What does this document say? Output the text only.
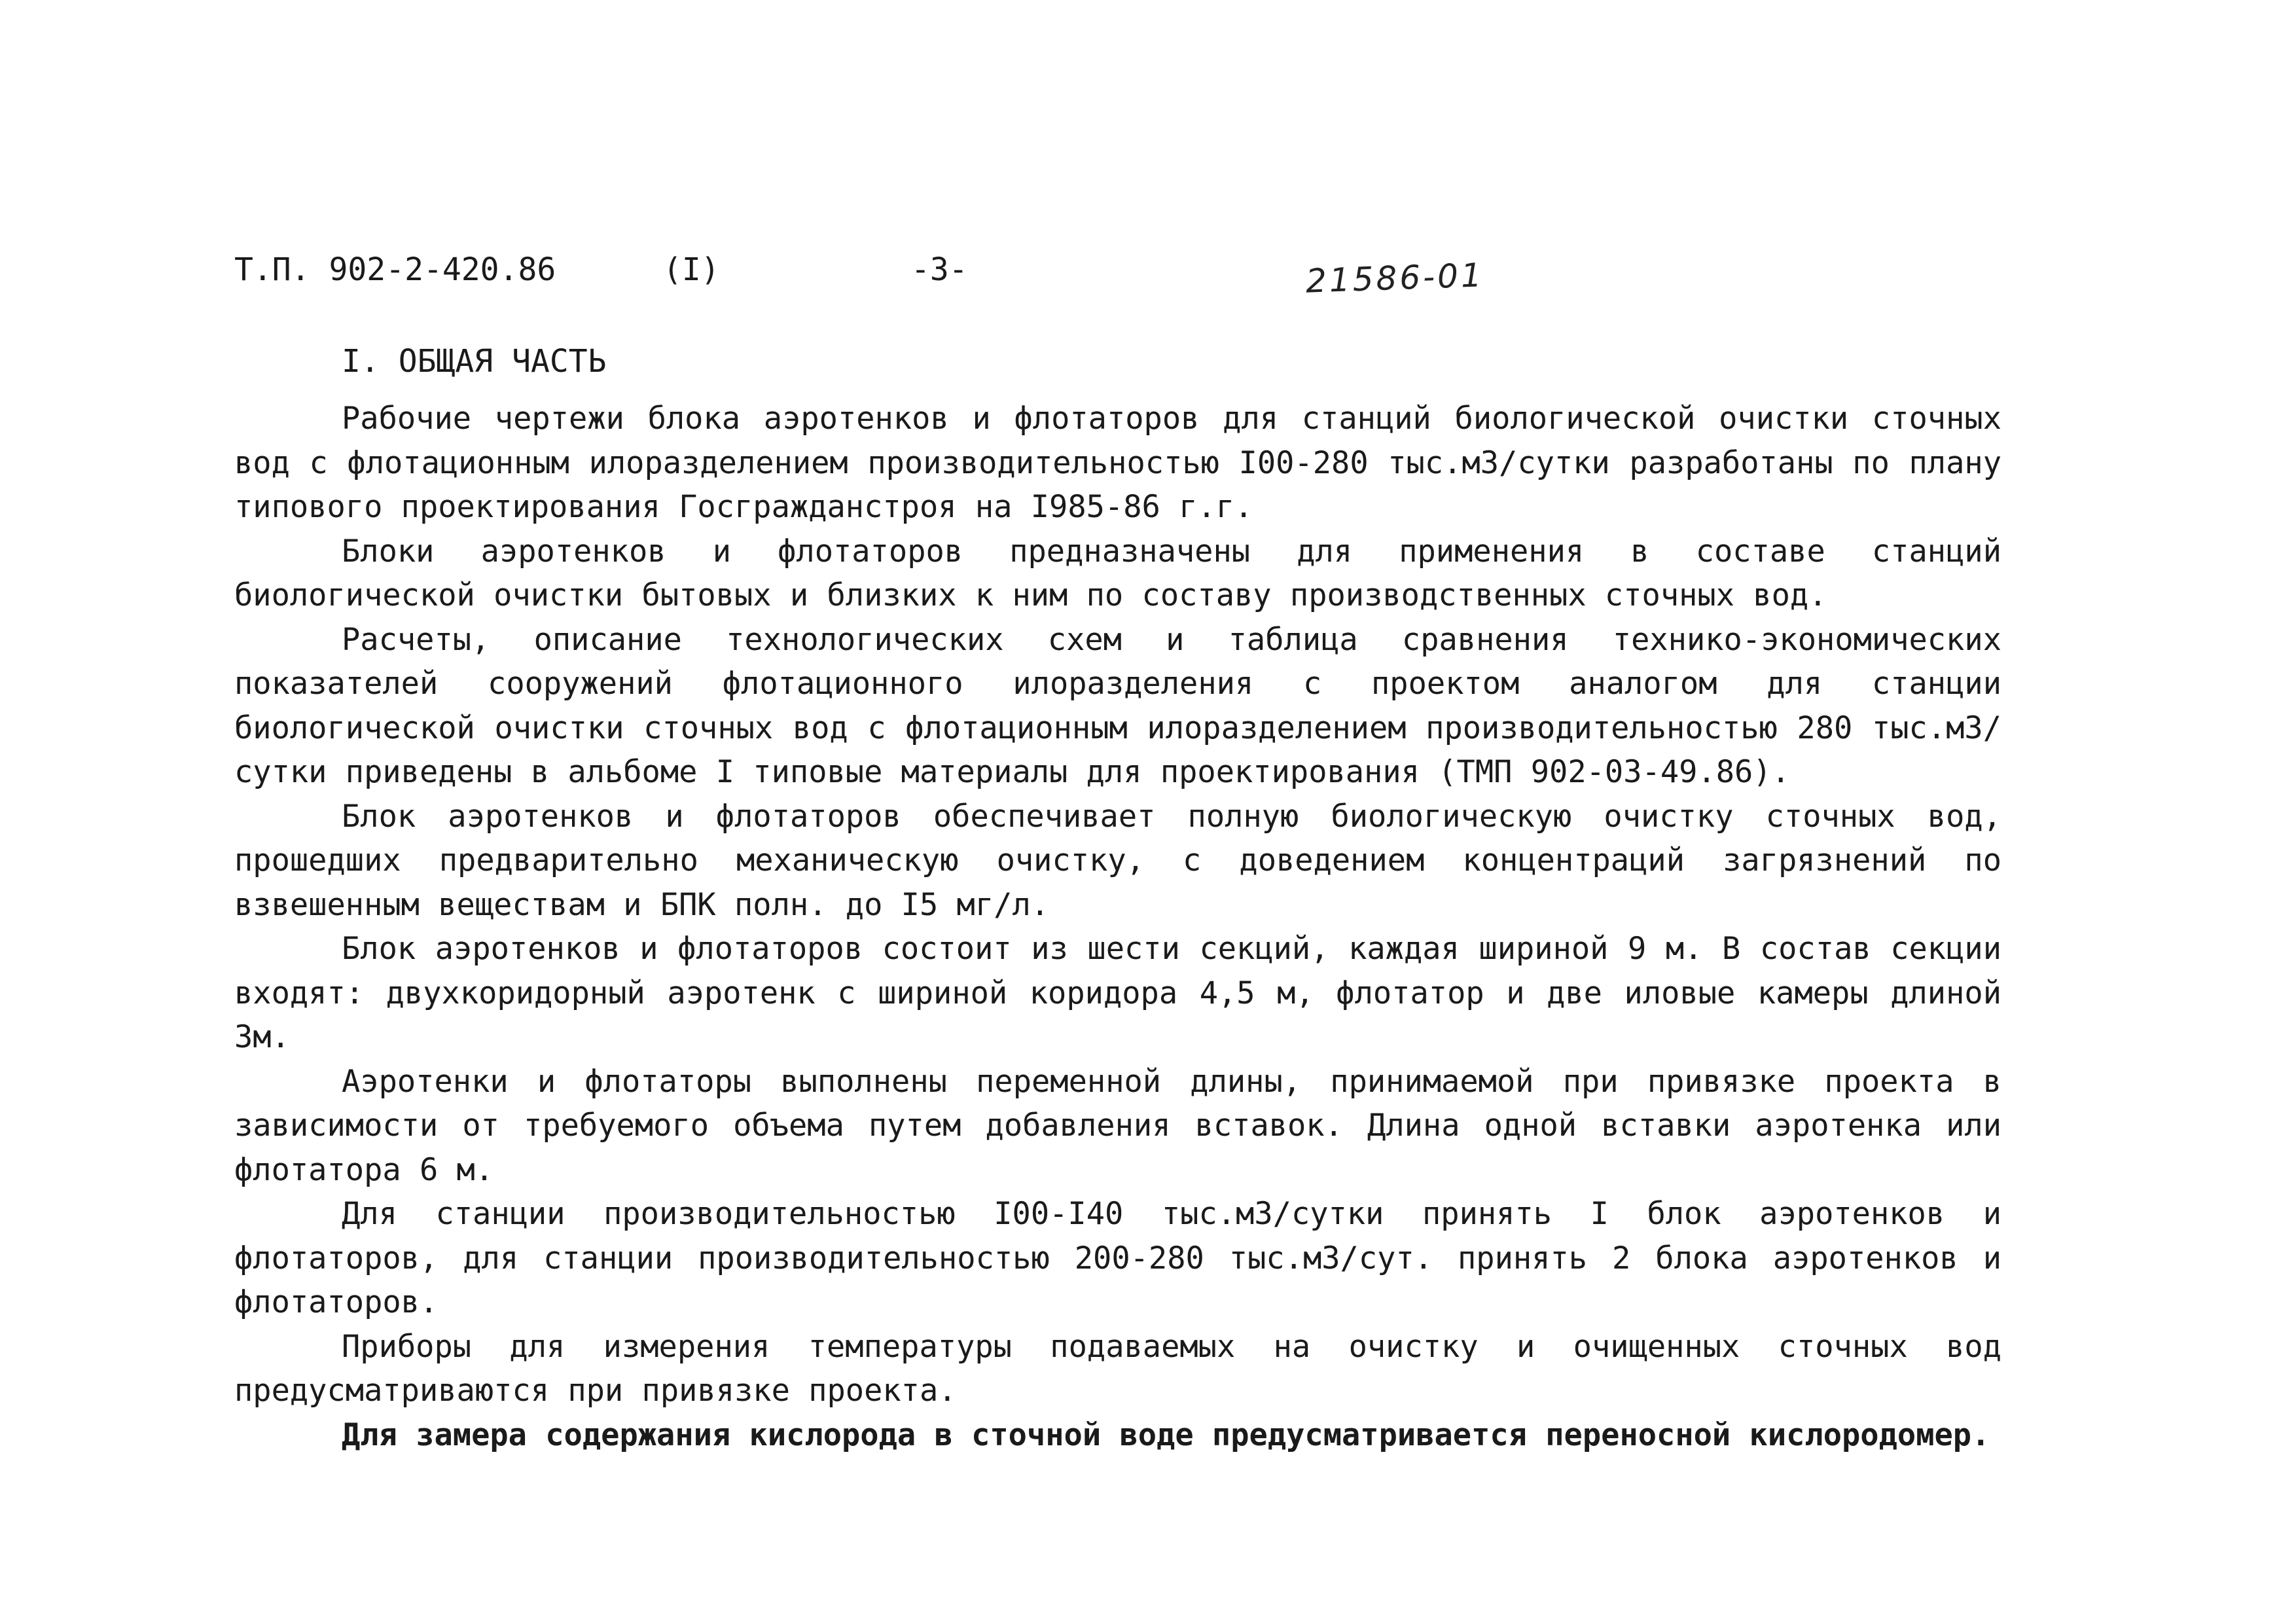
Т.П. 902-2-420.86	(I)	-3-	21586-01
I. ОБЩАЯ ЧАСТЬ

Рабочие чертежи блока аэротенков и флотаторов для станций биологической очистки сточных вод с флотационным илоразделением производительностью I00-280 тыс.м3/сутки разработаны по плану типового проектирования Госгражданстроя на I985-86 г.г.

Блоки аэротенков и флотаторов предназначены для применения в составе станций биологической очистки бытовых и близких к ним по составу производственных сточных вод.

Расчеты, описание технологических схем и таблица сравнения технико-экономических показателей сооружений флотационного илоразделения с проектом аналогом для станции биологической очистки сточных вод с флотационным илоразделением производительностью 280 тыс.м3/сутки приведены в альбоме I типовые материалы для проектирования (ТМП 902-03-49.86).

Блок аэротенков и флотаторов обеспечивает полную биологическую очистку сточных вод, прошедших предварительно механическую очистку, с доведением концентраций загрязнений по взвешенным веществам и БПК полн. до I5 мг/л.

Блок аэротенков и флотаторов состоит из шести секций, каждая шириной 9 м. В состав секции входят: двухкоридорный аэротенк с шириной коридора 4,5 м, флотатор и две иловые камеры длиной 3м.

Аэротенки и флотаторы выполнены переменной длины, принимаемой при привязке проекта в зависимости от требуемого объема путем добавления вставок. Длина одной вставки аэротенка или флотатора 6 м.

Для станции производительностью I00-I40 тыс.м3/сутки принять I блок аэротенков и флотаторов, для станции производительностью 200-280 тыс.м3/сут. принять 2 блока аэротенков и флотаторов.

Приборы для измерения температуры подаваемых на очистку и очищенных сточных вод предусматриваются при привязке проекта.

Для замера содержания кислорода в сточной воде предусматривается переносной кислородомер.
